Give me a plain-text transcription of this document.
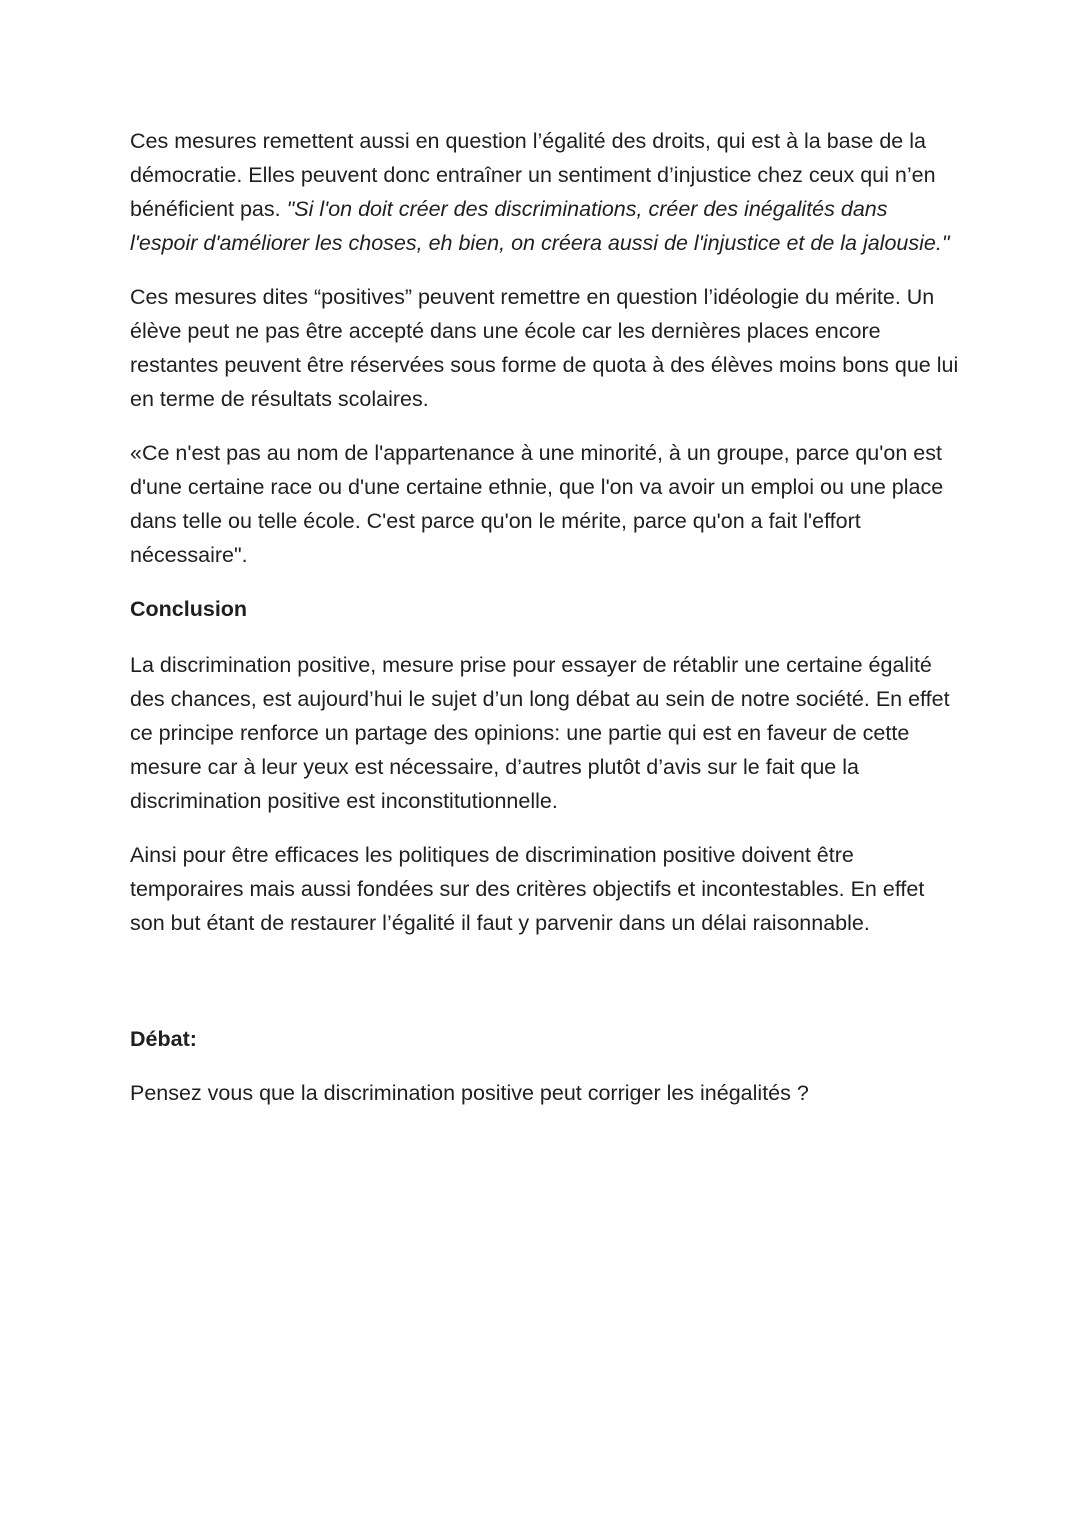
Ces mesures remettent aussi en question l’égalité des droits, qui est à la base de la démocratie. Elles peuvent donc entraîner un sentiment d’injustice chez ceux qui n’en bénéficient pas. "Si l'on doit créer des discriminations, créer des inégalités dans l'espoir d'améliorer les choses, eh bien, on créera aussi de l'injustice et de la jalousie."

Ces mesures dites “positives” peuvent remettre en question l’idéologie du mérite. Un élève peut ne pas être accepté dans une école car les dernières places encore restantes peuvent être réservées sous forme de quota à des élèves moins bons que lui en terme de résultats scolaires.

«Ce n'est pas au nom de l'appartenance à une minorité, à un groupe, parce qu'on est d'une certaine race ou d'une certaine ethnie, que l'on va avoir un emploi ou une place dans telle ou telle école. C'est parce qu'on le mérite, parce qu'on a fait l'effort nécessaire".

Conclusion

La discrimination positive, mesure prise pour essayer de rétablir une certaine égalité des chances, est aujourd’hui le sujet d’un long débat au sein de notre société. En effet ce principe renforce un partage des opinions: une partie qui est en faveur de cette mesure car à leur yeux est nécessaire, d’autres plutôt d’avis sur le fait que la discrimination positive est inconstitutionnelle.

Ainsi pour être efficaces les politiques de discrimination positive doivent être temporaires mais aussi fondées sur des critères objectifs et incontestables. En effet son but étant de restaurer l’égalité il faut y parvenir dans un délai raisonnable.

Débat:

Pensez vous que la discrimination positive peut corriger les inégalités ?
